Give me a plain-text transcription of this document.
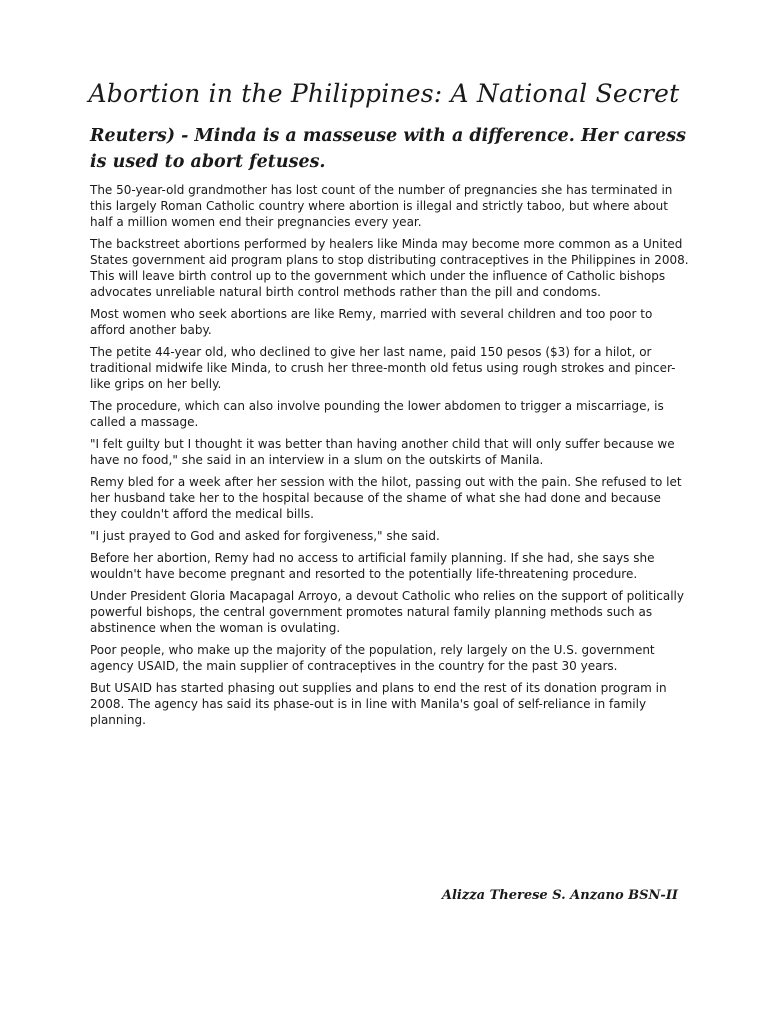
Abortion in the Philippines: A National Secret

Reuters) - Minda is a masseuse with a difference. Her caress is used to abort fetuses.

The 50-year-old grandmother has lost count of the number of pregnancies she has terminated in this largely Roman Catholic country where abortion is illegal and strictly taboo, but where about half a million women end their pregnancies every year.

The backstreet abortions performed by healers like Minda may become more common as a United States government aid program plans to stop distributing contraceptives in the Philippines in 2008. This will leave birth control up to the government which under the influence of Catholic bishops advocates unreliable natural birth control methods rather than the pill and condoms.

Most women who seek abortions are like Remy, married with several children and too poor to afford another baby.

The petite 44-year old, who declined to give her last name, paid 150 pesos ($3) for a hilot, or traditional midwife like Minda, to crush her three-month old fetus using rough strokes and pincer-like grips on her belly.

The procedure, which can also involve pounding the lower abdomen to trigger a miscarriage, is called a massage.

"I felt guilty but I thought it was better than having another child that will only suffer because we have no food," she said in an interview in a slum on the outskirts of Manila.

Remy bled for a week after her session with the hilot, passing out with the pain. She refused to let her husband take her to the hospital because of the shame of what she had done and because they couldn't afford the medical bills.

"I just prayed to God and asked for forgiveness," she said.

Before her abortion, Remy had no access to artificial family planning. If she had, she says she wouldn't have become pregnant and resorted to the potentially life-threatening procedure.

Under President Gloria Macapagal Arroyo, a devout Catholic who relies on the support of politically powerful bishops, the central government promotes natural family planning methods such as abstinence when the woman is ovulating.

Poor people, who make up the majority of the population, rely largely on the U.S. government agency USAID, the main supplier of contraceptives in the country for the past 30 years.

But USAID has started phasing out supplies and plans to end the rest of its donation program in 2008. The agency has said its phase-out is in line with Manila's goal of self-reliance in family planning.

Alizza Therese S. Anzano BSN-II
